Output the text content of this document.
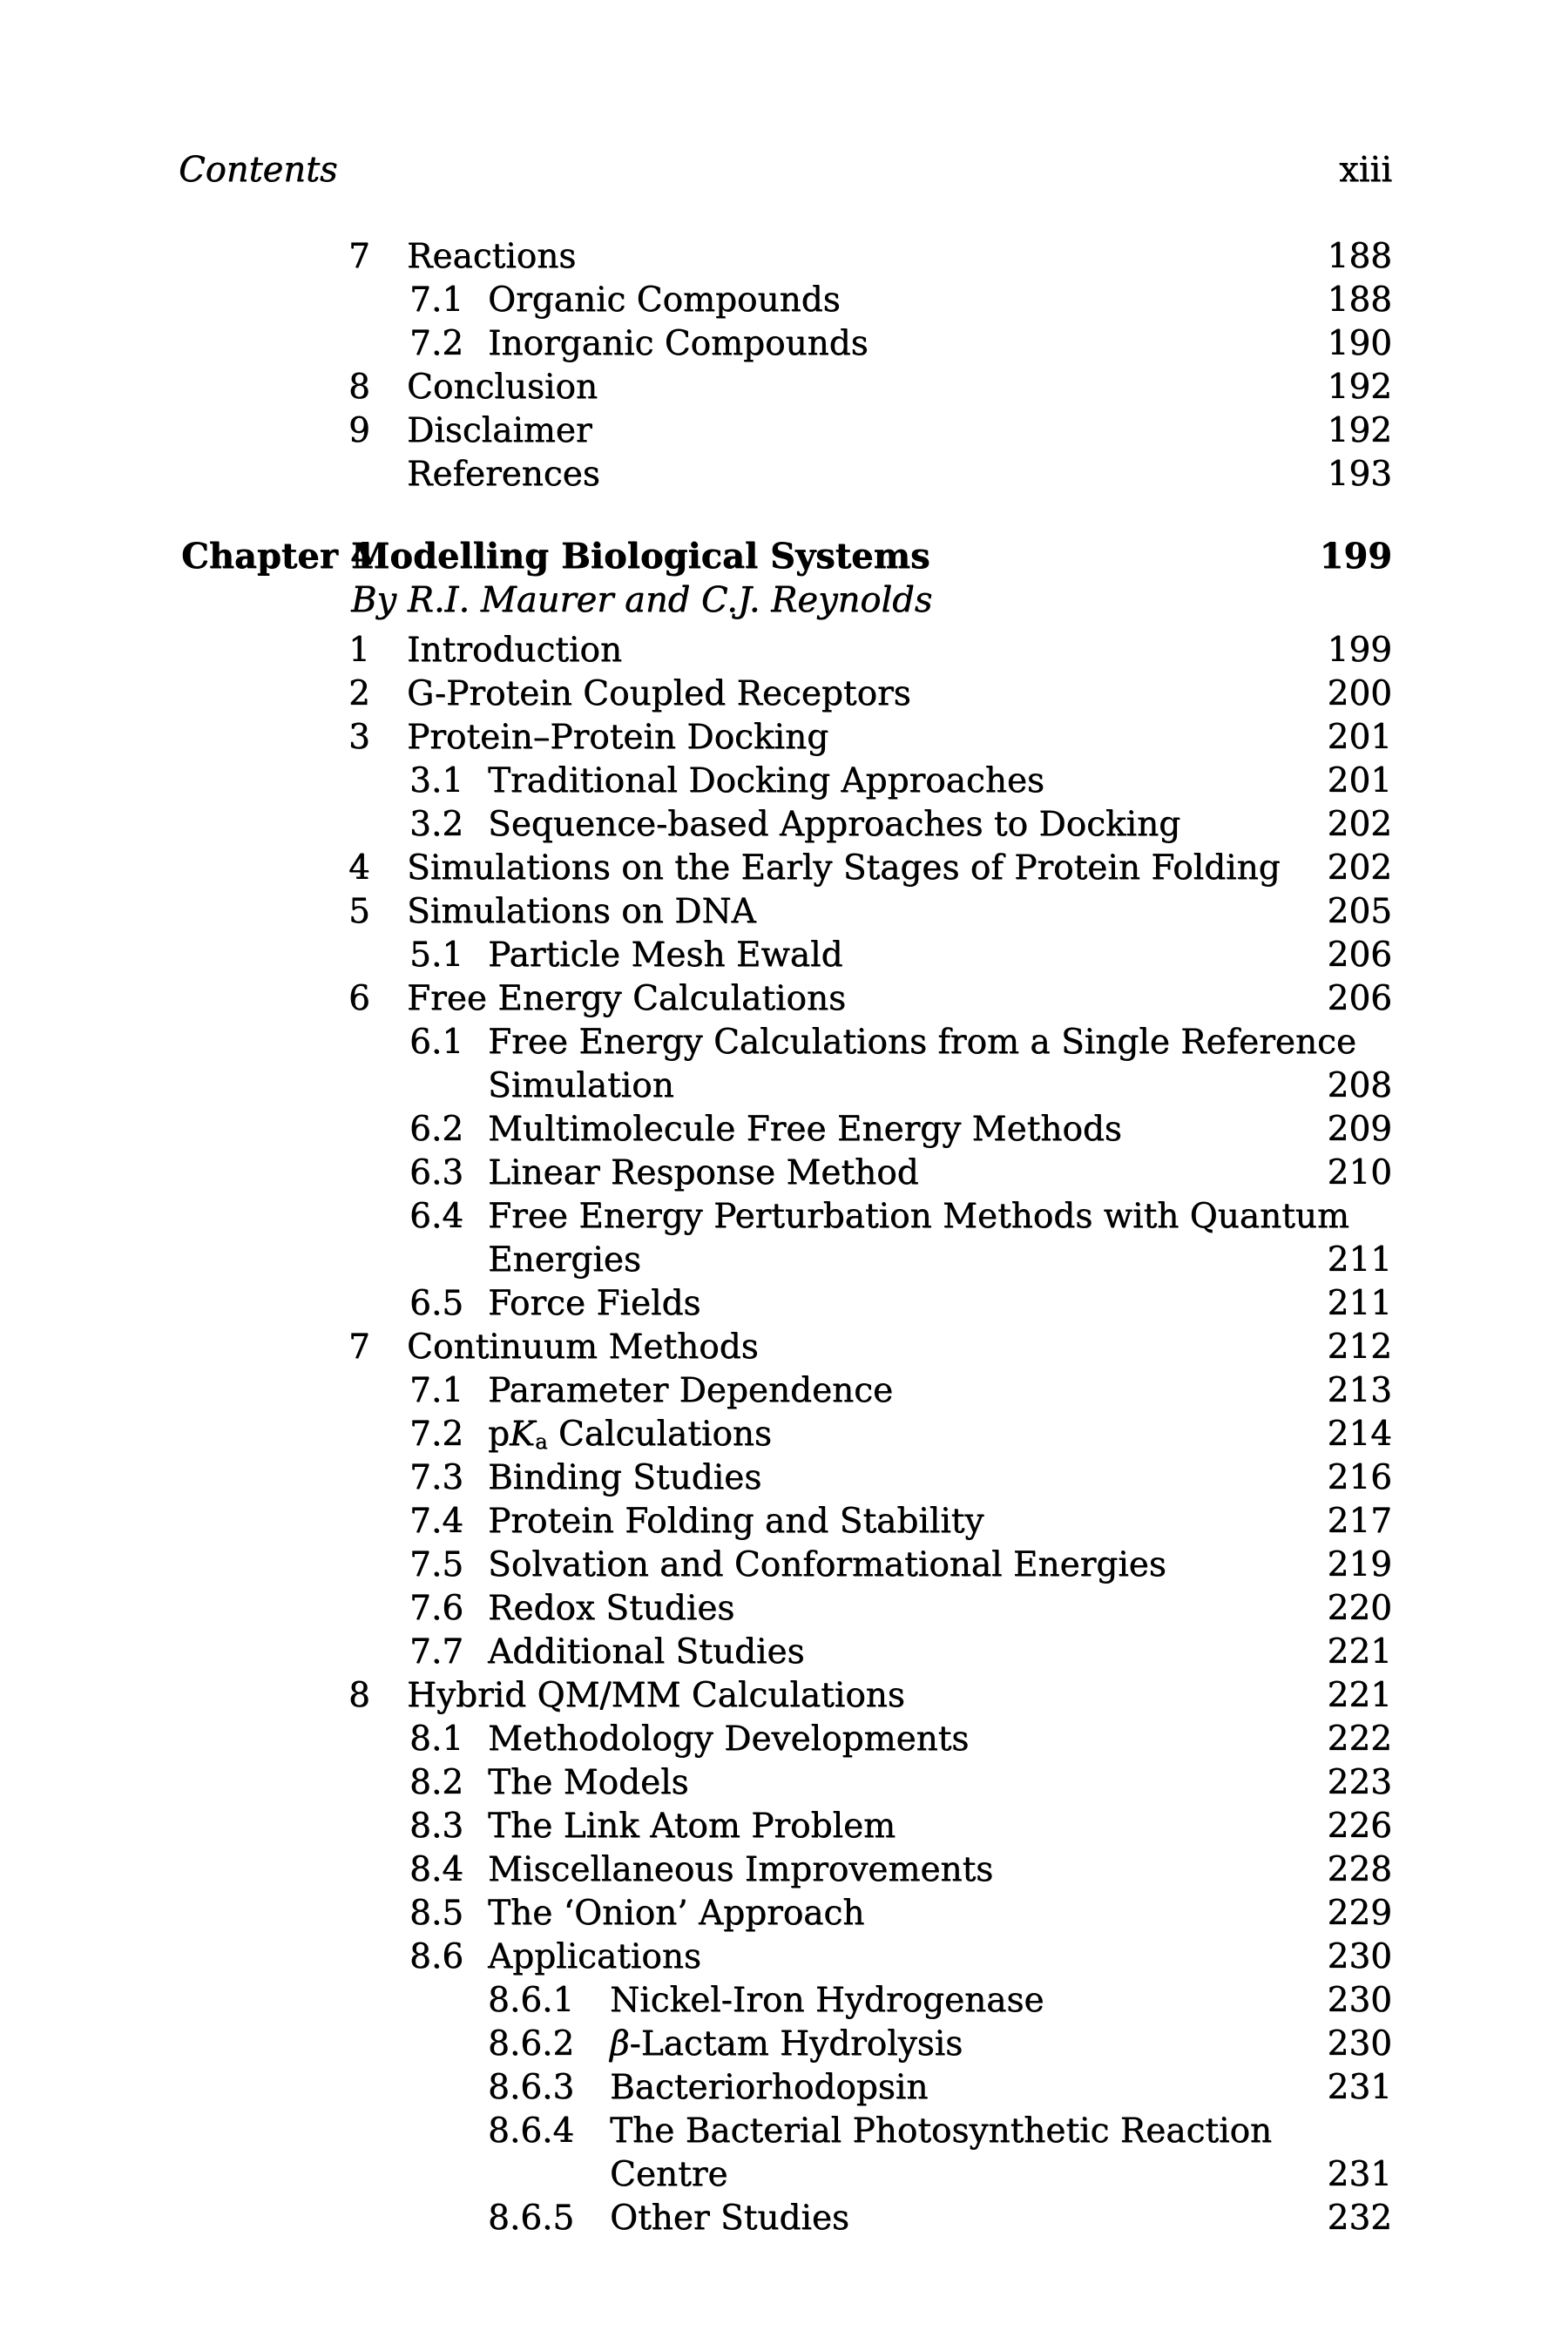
Contents	xiii
7 Reactions	188
7.1 Organic Compounds	188
7.2 Inorganic Compounds	190
8 Conclusion	192
9 Disclaimer	192
References	193
Chapter 4
Modelling Biological Systems	199
By R.I. Maurer and C.J. Reynolds
1 Introduction	199
2 G-Protein Coupled Receptors	200
3 Protein–Protein Docking	201
3.1 Traditional Docking Approaches	201
3.2 Sequence-based Approaches to Docking	202
4 Simulations on the Early Stages of Protein Folding 202
5 Simulations on DNA	205
5.1 Particle Mesh Ewald	206
6 Free Energy Calculations	206
6.1 Free Energy Calculations from a Single Reference
Simulation	208
6.2 Multimolecule Free Energy Methods	209
6.3 Linear Response Method	210
6.4 Free Energy Perturbation Methods with Quantum
Energies	211
6.5 Force Fields	211
7 Continuum Methods	212
7.1 Parameter Dependence	213
7.2 pKa Calculations	214
7.3 Binding Studies	216
7.4 Protein Folding and Stability	217
7.5 Solvation and Conformational Energies	219
7.6 Redox Studies	220
7.7 Additional Studies	221
8 Hybrid QM/MM Calculations	221
8.1 Methodology Developments	222
8.2 The Models	223
8.3 The Link Atom Problem	226
8.4 Miscellaneous Improvements	228
8.5 The ‘Onion’ Approach	229
8.6 Applications	230
8.6.1 Nickel-Iron Hydrogenase	230
8.6.2 β-Lactam Hydrolysis	230
8.6.3 Bacteriorhodopsin	231
8.6.4 The Bacterial Photosynthetic Reaction
Centre	231
8.6.5 Other Studies	232
